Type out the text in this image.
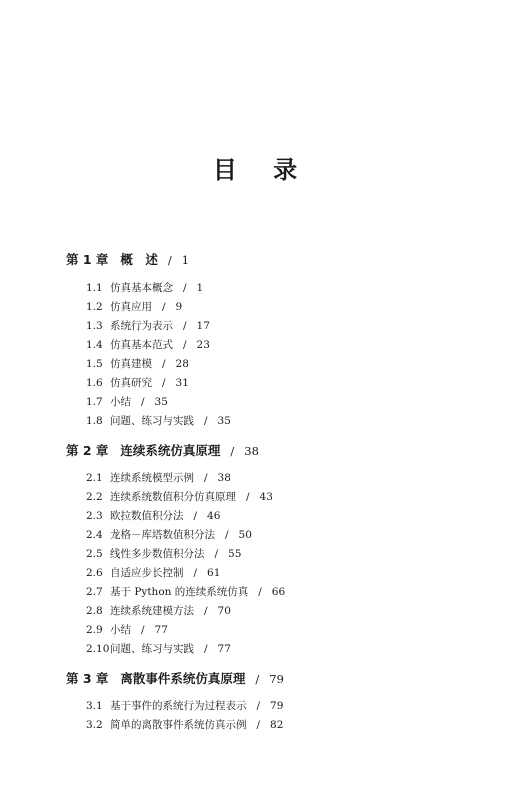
目 录
第 1 章 概　述 / 1
1.1 仿真基本概念 / 1
1.2 仿真应用 / 9
1.3 系统行为表示 / 17
1.4 仿真基本范式 / 23
1.5 仿真建模 / 28
1.6 仿真研究 / 31
1.7 小结 / 35
1.8 问题、练习与实践 / 35
第 2 章 连续系统仿真原理 / 38
2.1 连续系统模型示例 / 38
2.2 连续系统数值积分仿真原理 / 43
2.3 欧拉数值积分法 / 46
2.4 龙格－库塔数值积分法 / 50
2.5 线性多步数值积分法 / 55
2.6 自适应步长控制 / 61
2.7 基于 Python 的连续系统仿真 / 66
2.8 连续系统建模方法 / 70
2.9 小结 / 77
2.10问题、练习与实践 / 77
第 3 章 离散事件系统仿真原理 / 79
3.1 基于事件的系统行为过程表示 / 79
3.2 简单的离散事件系统仿真示例 / 82
